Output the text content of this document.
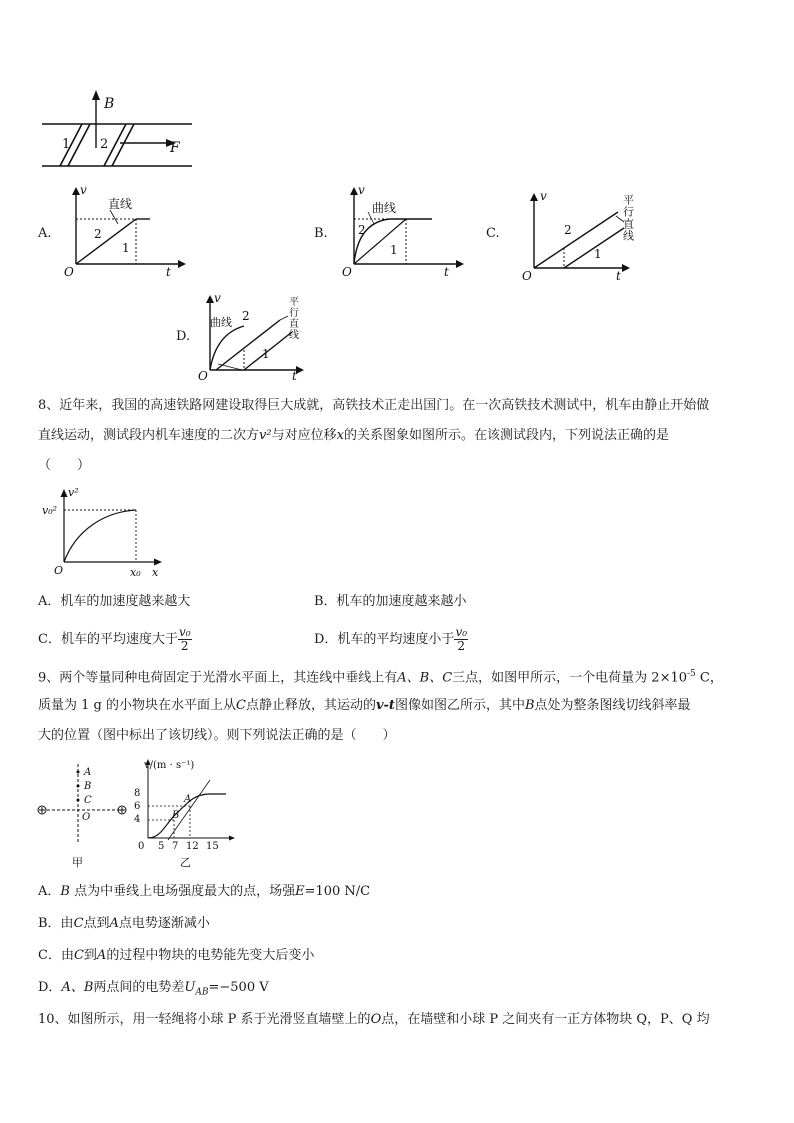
B
F
1 2
A.
v
t
O
直线
2
1
B.
v
t
O
曲线
2
1
C.
v
t
O
2
1
平行直线
D.
v
t
O
曲线 2
1
平行直线
8、近年来，我国的高速铁路网建设取得巨大成就，高铁技术正走出国门。在一次高铁技术测试中，机车由静止开始做
直线运动，测试段内机车速度的二次方v²与对应位移x的关系图象如图所示。在该测试段内，下列说法正确的是
（　　）
v²
v₀²
O	x₀ x
A．机车的加速度越来越大	B．机车的加速度越来越小
C．机车的平均速度大于 $\frac{\text{v₀}}{2}$	D．机车的平均速度小于 $\frac{\text{v₀}}{2}$
9、两个等量同种电荷固定于光滑水平面上，其连线中垂线上有A、B、C三点，如图甲所示，一个电荷量为 $2\times 10^{-5}$ C，
质量为 1 g 的小物块在水平面上从C点静止释放，其运动的v-t图像如图乙所示，其中B点处为整条图线切线斜率最
大的位置（图中标出了该切线）。则下列说法正确的是（　　）
A
B
C
O
甲
v/(m · s⁻¹)
8
6
4
0 5 7 12 15
A
B
乙
A．B 点为中垂线上电场强度最大的点，场强E=100 N/C
B．由C点到A点电势逐渐减小
C．由C到A的过程中物块的电势能先变大后变小
D．A、B两点间的电势差$U_{AB}=-500$ V
10、如图所示，用一轻绳将小球 P 系于光滑竖直墙壁上的O点，在墙壁和小球 P 之间夹有一正方体物块 Q，P、Q 均
